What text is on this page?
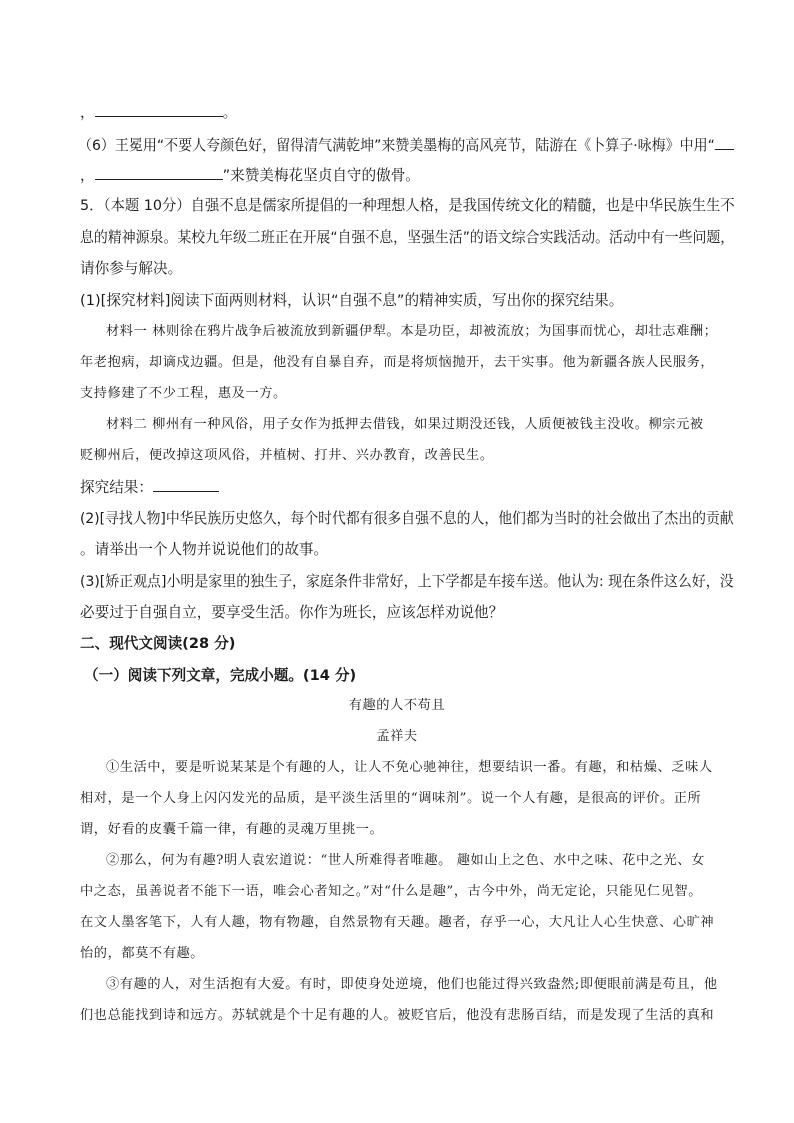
，	。
（6）王冕用“不要人夸颜色好，留得清气满乾坤”来赞美墨梅的高风亮节，陆游在《卜算子·咏梅》中用“
，	”来赞美梅花坚贞自守的傲骨。
5．（本题 10分）自强不息是儒家所提倡的一种理想人格，是我国传统文化的精髓，也是中华民族生生不
息的精神源泉。某校九年级二班正在开展“自强不息，坚强生活”的语文综合实践活动。活动中有一些问题，
请你参与解决。
(1)[探究材料]阅读下面两则材料，认识“自强不息”的精神实质，写出你的探究结果。
材料一 林则徐在鸦片战争后被流放到新疆伊犁。本是功臣，却被流放；为国事而忧心，却壮志难酬；
年老抱病，却谪戍边疆。但是，他没有自暴自弃，而是将烦恼抛开，去干实事。他为新疆各族人民服务，
支持修建了不少工程，惠及一方。
材料二 柳州有一种风俗，用子女作为抵押去借钱，如果过期没还钱，人质便被钱主没收。柳宗元被
贬柳州后，便改掉这项风俗，并植树、打井、兴办教育，改善民生。
探究结果：
(2)[寻找人物]中华民族历史悠久，每个时代都有很多自强不息的人，他们都为当时的社会做出了杰出的贡献
。请举出一个人物并说说他们的故事。
(3)[矫正观点]小明是家里的独生子，家庭条件非常好，上下学都是车接车送。他认为: 现在条件这么好，没
必要过于自强自立，要享受生活。你作为班长，应该怎样劝说他？
二、现代文阅读(28 分)
（一）阅读下列文章，完成小题。(14 分)
有趣的人不苟且
孟祥夫
①生活中，要是听说某某是个有趣的人，让人不免心驰神往，想要结识一番。有趣，和枯燥、乏味人
相对，是一个人身上闪闪发光的品质，是平淡生活里的“调味剂”。说一个人有趣，是很高的评价。正所
谓，好看的皮囊千篇一律，有趣的灵魂万里挑一。
②那么，何为有趣?明人袁宏道说：“世人所难得者唯趣。 趣如山上之色、水中之味、花中之光、女
中之态，虽善说者不能下一语，唯会心者知之。”对“什么是趣”，古今中外，尚无定论，只能见仁见智。
在文人墨客笔下，人有人趣，物有物趣，自然景物有天趣。趣者，存乎一心，大凡让人心生快意、心旷神
怡的，都莫不有趣。
③有趣的人，对生活抱有大爱。有时，即使身处逆境，他们也能过得兴致盎然;即便眼前满是苟且，他
们也总能找到诗和远方。苏轼就是个十足有趣的人。被贬官后，他没有悲肠百结，而是发现了生活的真和
